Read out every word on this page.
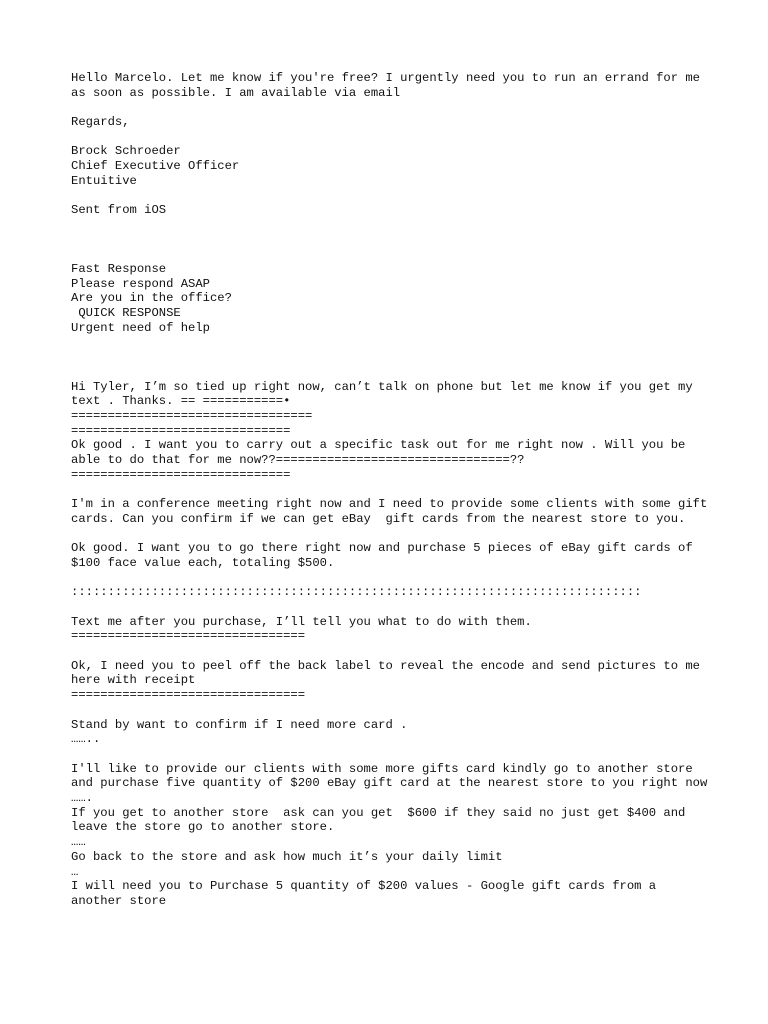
Hello Marcelo. Let me know if you're free? I urgently need you to run an errand for me as soon as possible. I am available via email

Regards,

Brock Schroeder

Chief Executive Officer

Entuitive

Sent from iOS

Fast Response

Please respond ASAP

Are you in the office?

QUICK RESPONSE

Urgent need of help

Hi Tyler, I’m so tied up right now, can’t talk on phone but let me know if you get my text . Thanks. == ===========•
=================================
==============================

Ok good . I want you to carry out a specific task out for me right now . Will you be able to do that for me now??================================??
==============================

I'm in a conference meeting right now and I need to provide some clients with some gift cards. Can you confirm if we can get eBay  gift cards from the nearest store to you.

Ok good. I want you to go there right now and purchase 5 pieces of eBay gift cards of $100 face value each, totaling $500.

::::::::::::::::::::::::::::::::::::::::::::::::::::::::::::::::::::::::::::::

Text me after you purchase, I’ll tell you what to do with them.
================================

Ok, I need you to peel off the back label to reveal the encode and send pictures to me here with receipt
================================

Stand by want to confirm if I need more card .
……..

I'll like to provide our clients with some more gifts card kindly go to another store and purchase five quantity of $200 eBay gift card at the nearest store to you right now

…….

If you get to another store  ask can you get  $600 if they said no just get $400 and leave the store go to another store.

……

Go back to the store and ask how much it’s your daily limit

…

I will need you to Purchase 5 quantity of $200 values - Google gift cards from a another store
